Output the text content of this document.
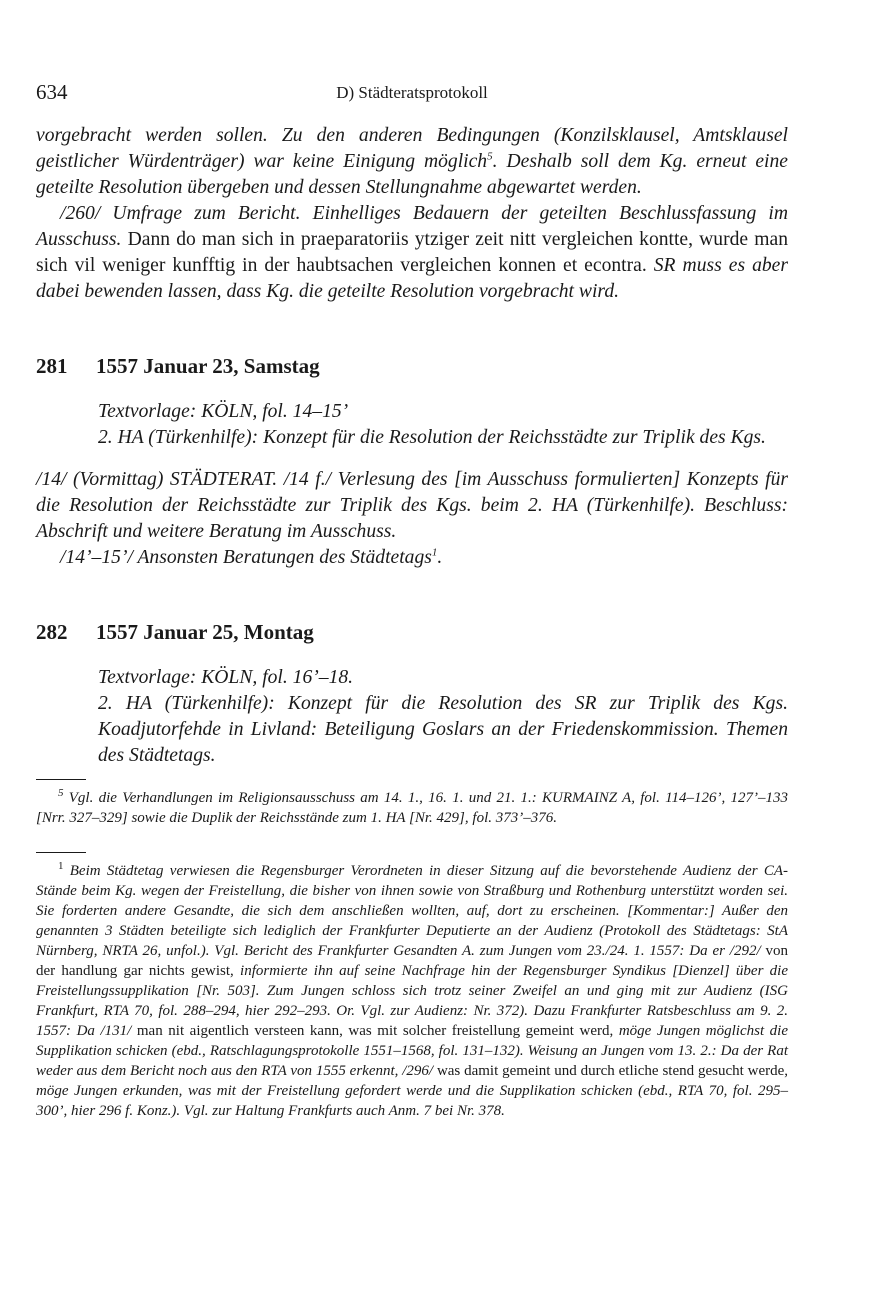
634	D) Städteratsprotokoll

vorgebracht werden sollen. Zu den anderen Bedingungen (Konzilsklausel, Amtsklausel geistlicher Würdenträger) war keine Einigung möglich$^5$. Deshalb soll dem Kg. erneut eine geteilte Resolution übergeben und dessen Stellungnahme abgewartet werden.

/260/ Umfrage zum Bericht. Einhelliges Bedauern der geteilten Beschlussfassung im Ausschuss. Dann do man sich in praeparatoriis ytziger zeit nitt vergleichen kontte, wurde man sich vil weniger kunfftig in der haubtsachen vergleichen konnen et econtra. SR muss es aber dabei bewenden lassen, dass Kg. die geteilte Resolution vorgebracht wird.

281 1557 Januar 23, Samstag

Textvorlage: KÖLN, fol. 14–15’

2. HA (Türkenhilfe): Konzept für die Resolution der Reichsstädte zur Triplik des Kgs.

/14/ (Vormittag) STÄDTERAT. /14 f./ Verlesung des [im Ausschuss formulierten] Konzepts für die Resolution der Reichsstädte zur Triplik des Kgs. beim 2. HA (Türkenhilfe). Beschluss: Abschrift und weitere Beratung im Ausschuss.

/14’–15’/ Ansonsten Beratungen des Städtetags$^1$.

282 1557 Januar 25, Montag

Textvorlage: KÖLN, fol. 16’–18.

2. HA (Türkenhilfe): Konzept für die Resolution des SR zur Triplik des Kgs. Koadjutorfehde in Livland: Beteiligung Goslars an der Friedenskommission. Themen des Städtetags.

$^5$ Vgl. die Verhandlungen im Religionsausschuss am 14. 1., 16. 1. und 21. 1.: KURMAINZ A, fol. 114–126’, 127’–133 [Nrr. 327–329] sowie die Duplik der Reichsstände zum 1. HA [Nr. 429], fol. 373’–376.

$^1$ Beim Städtetag verwiesen die Regensburger Verordneten in dieser Sitzung auf die bevorstehende Audienz der CA-Stände beim Kg. wegen der Freistellung, die bisher von ihnen sowie von Straßburg und Rothenburg unterstützt worden sei. Sie forderten andere Gesandte, die sich dem anschließen wollten, auf, dort zu erscheinen. [Kommentar:] Außer den genannten 3 Städten beteiligte sich lediglich der Frankfurter Deputierte an der Audienz (Protokoll des Städtetags: StA Nürnberg, NRTA 26, unfol.). Vgl. Bericht des Frankfurter Gesandten A. zum Jungen vom 23./24. 1. 1557: Da er /292/ von der handlung gar nichts gewist, informierte ihn auf seine Nachfrage hin der Regensburger Syndikus [Dienzel] über die Freistellungssupplikation [Nr. 503]. Zum Jungen schloss sich trotz seiner Zweifel an und ging mit zur Audienz (ISG Frankfurt, RTA 70, fol. 288–294, hier 292–293. Or. Vgl. zur Audienz: Nr. 372). Dazu Frankfurter Ratsbeschluss am 9. 2. 1557: Da /131/ man nit aigentlich versteen kann, was mit solcher freistellung gemeint werd, möge Jungen möglichst die Supplikation schicken (ebd., Ratschlagungsprotokolle 1551–1568, fol. 131–132). Weisung an Jungen vom 13. 2.: Da der Rat weder aus dem Bericht noch aus den RTA von 1555 erkennt, /296/ was damit gemeint und durch etliche stend gesucht werde, möge Jungen erkunden, was mit der Freistellung gefordert werde und die Supplikation schicken (ebd., RTA 70, fol. 295–300’, hier 296 f. Konz.). Vgl. zur Haltung Frankfurts auch Anm. 7 bei Nr. 378.
